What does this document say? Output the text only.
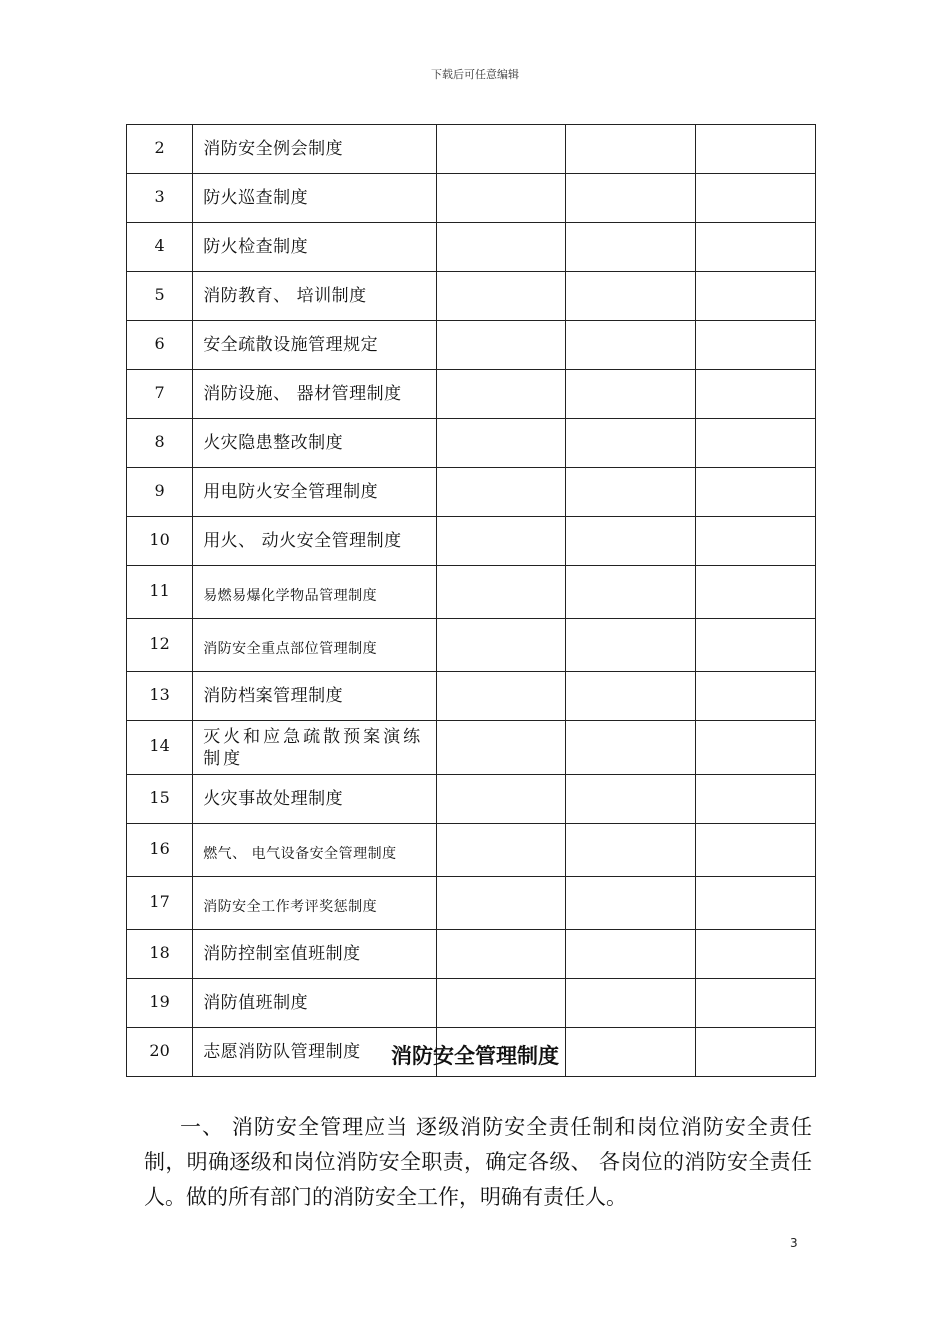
下载后可任意编辑
2	消防安全例会制度			
3	防火巡查制度			
4	防火检查制度			
5	消防教育、 培训制度			
6	安全疏散设施管理规定			
7	消防设施、 器材管理制度			
8	火灾隐患整改制度			
9	用电防火安全管理制度			
10	用火、 动火安全管理制度			
11	易燃易爆化学物品管理制度			
12	消防安全重点部位管理制度			
13	消防档案管理制度			
14	灭火和应急疏散预案演练制度			
15	火灾事故处理制度			
16	燃气、 电气设备安全管理制度			
17	消防安全工作考评奖惩制度			
18	消防控制室值班制度			
19	消防值班制度			
20	志愿消防队管理制度				消防安全管理制度
一、 消防安全管理应当 逐级消防安全责任制和岗位消防安全责任制，明确逐级和岗位消防安全职责，确定各级、 各岗位的消防安全责任人。做的所有部门的消防安全工作，明确有责任人。
3
